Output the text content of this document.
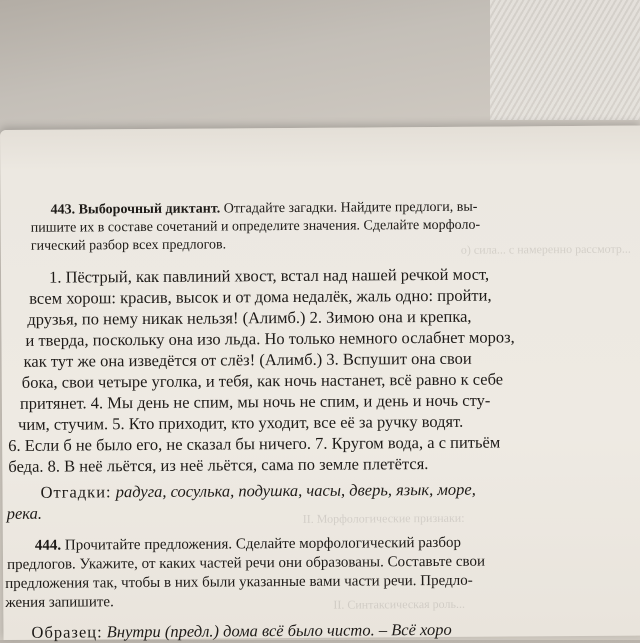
443. Выборочный диктант. Отгадайте загадки. Найдите предлоги, вы-
пишите их в составе сочетаний и определите значения. Сделайте морфоло-
гический разбор всех предлогов.	о) сила... с намеренно рассмотр...
1. Пёстрый, как павлиний хвост, встал над нашей речкой мост,
всем хорош: красив, высок и от дома недалёк, жаль одно: пройти,
друзья, по нему никак нельзя! (Алимб.) 2. Зимою она и крепка,
и тверда, поскольку она изо льда. Но только немного ослабнет мороз,
как тут же она изведётся от слёз! (Алимб.) 3. Вспушит она свои
бока, свои четыре уголка, и тебя, как ночь настанет, всё равно к себе
притянет. 4. Мы день не спим, мы ночь не спим, и день и ночь сту-
чим, стучим. 5. Кто приходит, кто уходит, все её за ручку водят.
6. Если б не было его, не сказал бы ничего. 7. Кругом вода, а с питьём
беда. 8. В неё льётся, из неё льётся, сама по земле плетётся.
Отгадки: радуга, сосулька, подушка, часы, дверь, язык, море,
река.	II. Морфологические признаки:
444. Прочитайте предложения. Сделайте морфологический разбор
предлогов. Укажите, от каких частей речи они образованы. Составьте свои
предложения так, чтобы в них были указанные вами части речи. Предло-
жения запишите.	II. Синтаксическая роль...
Образец: Внутри (предл.) дома всё было чисто. – Всё хоро
